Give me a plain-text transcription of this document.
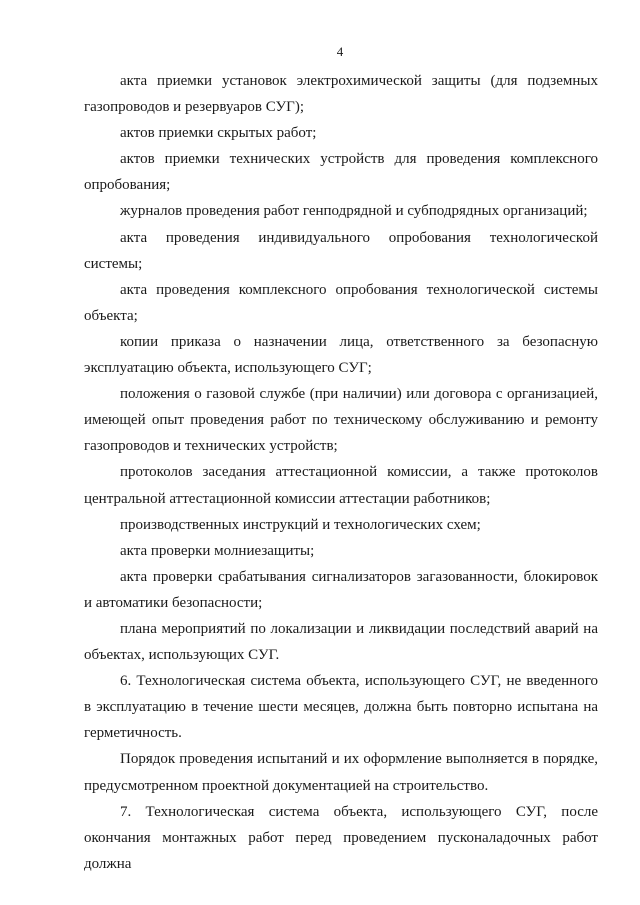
4

акта приемки установок электрохимической защиты (для подземных газопроводов и резервуаров СУГ);

актов приемки скрытых работ;

актов приемки технических устройств для проведения комплексного опробования;

журналов проведения работ генподрядной и субподрядных организаций;

акта проведения индивидуального опробования технологической системы;

акта проведения комплексного опробования технологической системы объекта;

копии приказа о назначении лица, ответственного за безопасную эксплуатацию объекта, использующего СУГ;

положения о газовой службе (при наличии) или договора с организацией, имеющей опыт проведения работ по техническому обслуживанию и ремонту газопроводов и технических устройств;

протоколов заседания аттестационной комиссии, а также протоколов центральной аттестационной комиссии аттестации работников;

производственных инструкций и технологических схем;

акта проверки молниезащиты;

акта проверки срабатывания сигнализаторов загазованности, блокировок и автоматики безопасности;

плана мероприятий по локализации и ликвидации последствий аварий на объектах, использующих СУГ.

6. Технологическая система объекта, использующего СУГ, не введенного в эксплуатацию в течение шести месяцев, должна быть повторно испытана на герметичность.

Порядок проведения испытаний и их оформление выполняется в порядке, предусмотренном проектной документацией на строительство.

7. Технологическая система объекта, использующего СУГ, после окончания монтажных работ перед проведением пусконаладочных работ должна
